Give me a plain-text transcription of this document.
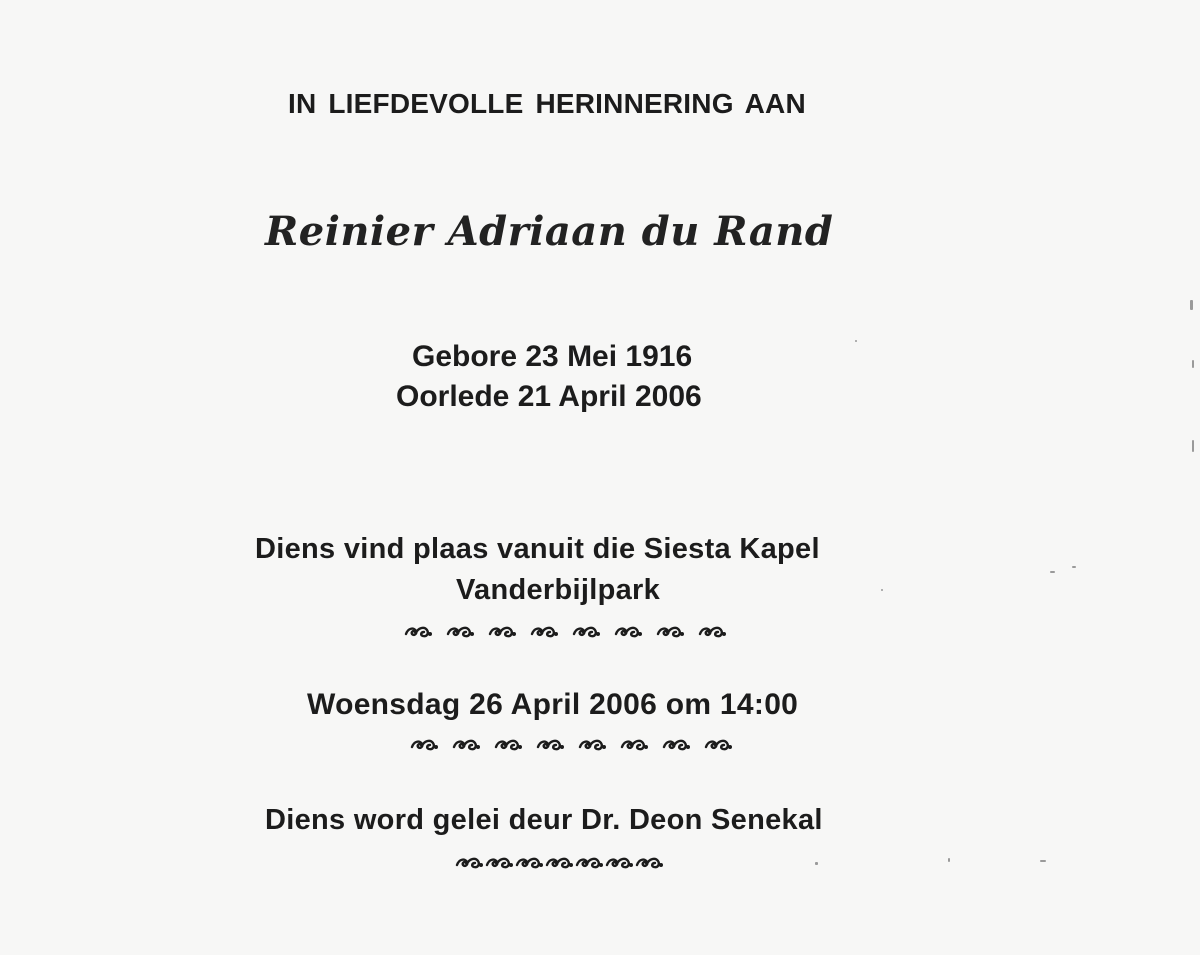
IN LIEFDEVOLLE HERINNERING AAN
Reinier Adriaan du Rand
Gebore 23 Mei 1916
Oorlede 21 April 2006
Diens vind plaas vanuit die Siesta Kapel
Vanderbijlpark
Woensdag 26 April 2006 om 14:00
Diens word gelei deur Dr. Deon Senekal
